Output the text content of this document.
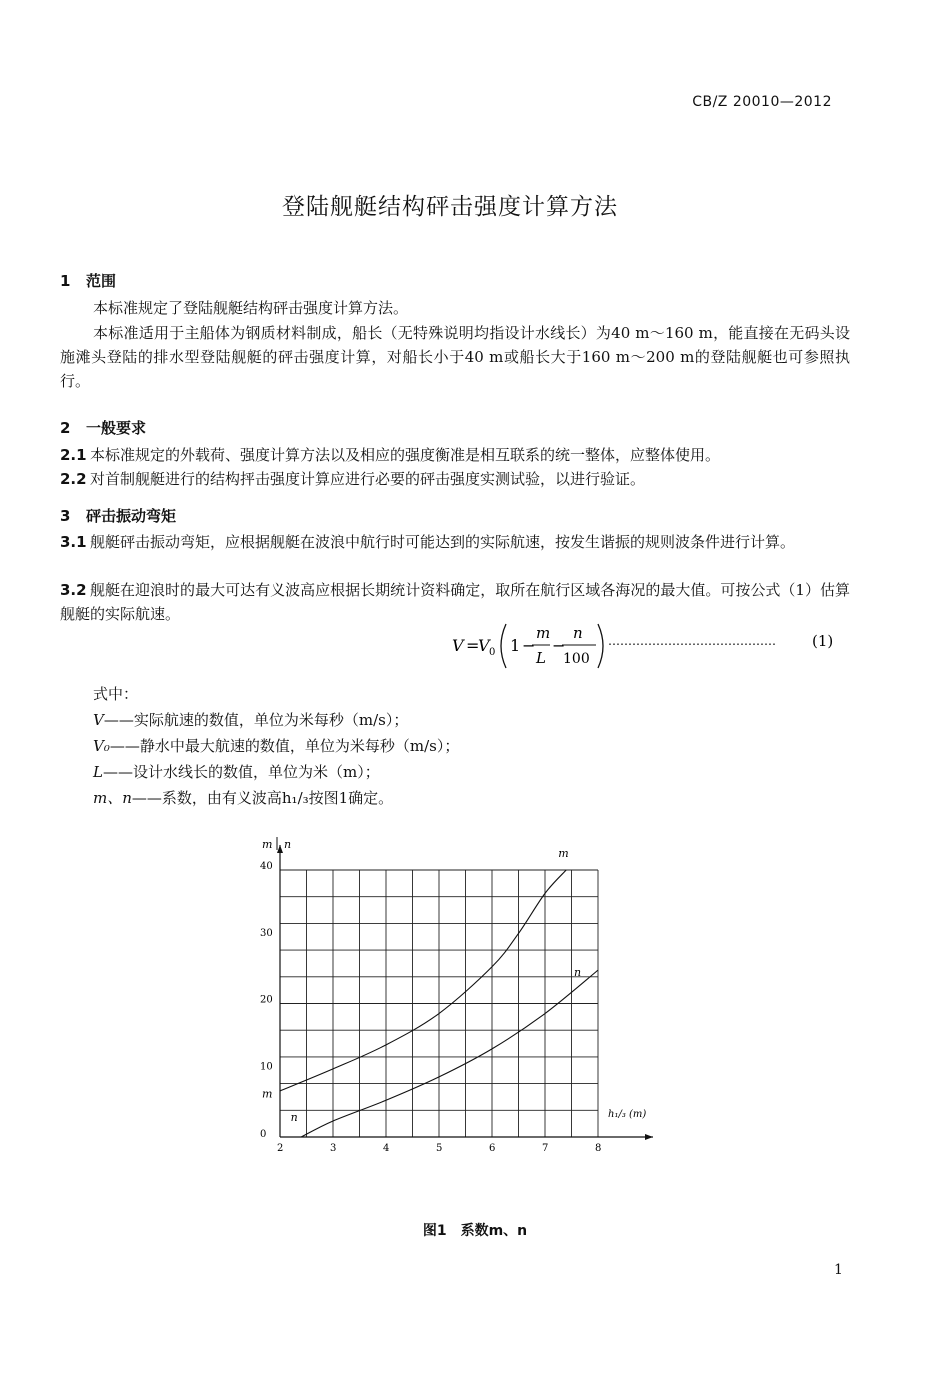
CB/Z 20010—2012
登陆舰艇结构砰击强度计算方法
1 范围
本标准规定了登陆舰艇结构砰击强度计算方法。
本标准适用于主船体为钢质材料制成，船长（无特殊说明均指设计水线长）为40 m～160 m，能直接在无码头设施滩头登陆的排水型登陆舰艇的砰击强度计算，对船长小于40 m或船长大于160 m～200 m的登陆舰艇也可参照执行。
2 一般要求
2.1 本标准规定的外载荷、强度计算方法以及相应的强度衡准是相互联系的统一整体，应整体使用。
2.2 对首制舰艇进行的结构抨击强度计算应进行必要的砰击强度实测试验，以进行验证。
3 砰击振动弯矩
3.1 舰艇砰击振动弯矩，应根据舰艇在波浪中航行时可能达到的实际航速，按发生谐振的规则波条件进行计算。
3.2 舰艇在迎浪时的最大可达有义波高应根据长期统计资料确定，取所在航行区域各海况的最大值。可按公式（1）估算舰艇的实际航速。
V =
V 0 1 −
m
L
−
n
100
…………………………………… (1)
式中：
V——实际航速的数值，单位为米每秒（m/s）；
V₀——静水中最大航速的数值，单位为米每秒（m/s）；
L——设计水线长的数值，单位为米（m）；
m、n——系数，由有义波高h₁/₃按图1确定。
2	3	4	5	6	7	8
0
10
20
30
40
m n
h₁/₃ (m)
m
n
m
n
图1　系数m、n
1
